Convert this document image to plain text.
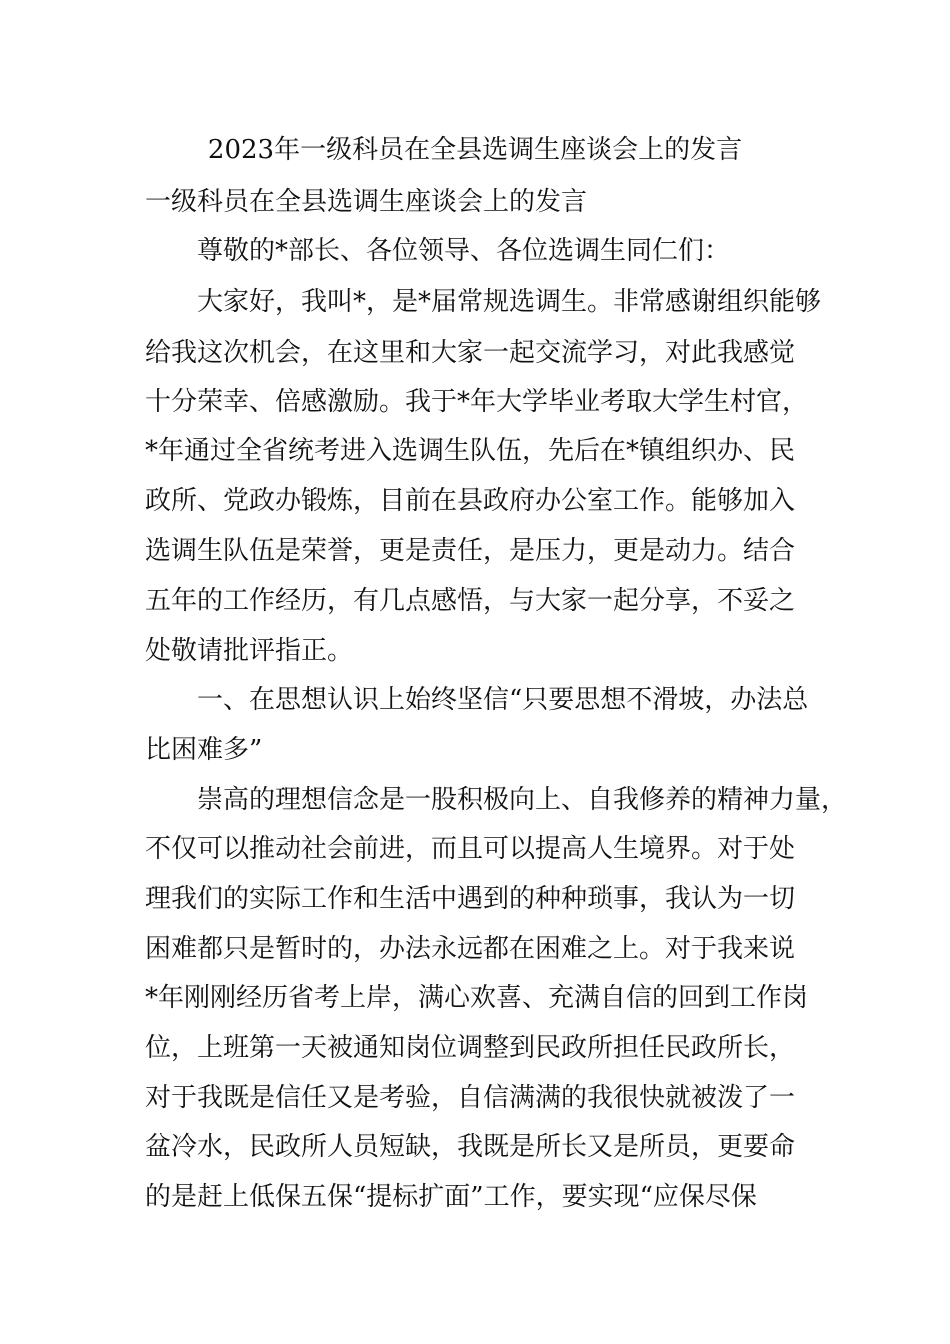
2023年一级科员在全县选调生座谈会上的发言
一级科员在全县选调生座谈会上的发言
　　尊敬的*部长、各位领导、各位选调生同仁们：
　　大家好，我叫*，是*届常规选调生。非常感谢组织能够
给我这次机会，在这里和大家一起交流学习，对此我感觉
十分荣幸、倍感激励。我于*年大学毕业考取大学生村官，
*年通过全省统考进入选调生队伍，先后在*镇组织办、民
政所、党政办锻炼，目前在县政府办公室工作。能够加入
选调生队伍是荣誉，更是责任，是压力，更是动力。结合
五年的工作经历，有几点感悟，与大家一起分享，不妥之
处敬请批评指正。
　　一、在思想认识上始终坚信“只要思想不滑坡，办法总
比困难多”
　　崇高的理想信念是一股积极向上、自我修养的精神力量，
不仅可以推动社会前进，而且可以提高人生境界。对于处
理我们的实际工作和生活中遇到的种种琐事，我认为一切
困难都只是暂时的，办法永远都在困难之上。对于我来说
*年刚刚经历省考上岸，满心欢喜、充满自信的回到工作岗
位，上班第一天被通知岗位调整到民政所担任民政所长，
对于我既是信任又是考验，自信满满的我很快就被泼了一
盆冷水，民政所人员短缺，我既是所长又是所员，更要命
的是赶上低保五保“提标扩面”工作，要实现“应保尽保
